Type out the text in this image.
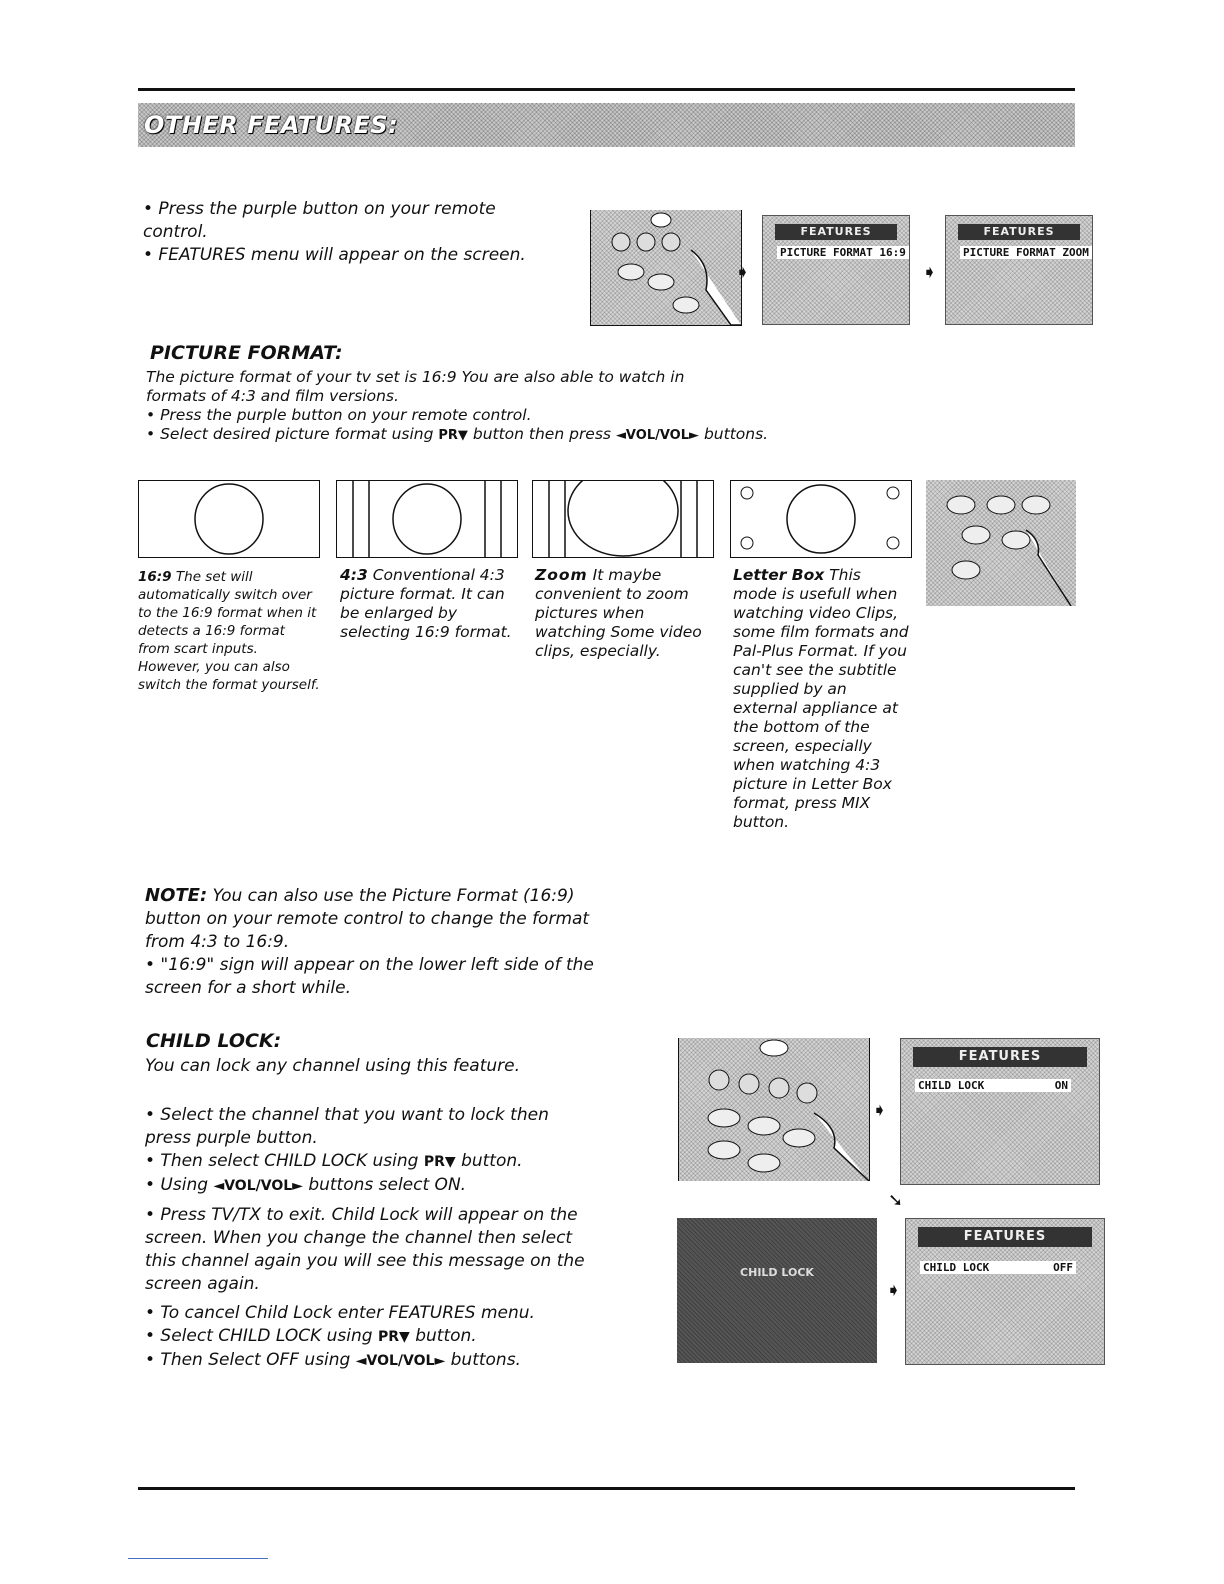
OTHER FEATURES:
• Press the purple button on your remote control.
• FEATURES menu will appear on the screen.
➧
FEATURES
PICTURE FORMAT 16:9
➧
FEATURES
PICTURE FORMAT ZOOM
PICTURE FORMAT:
The picture format of your tv set is 16:9 You are also able to watch in
formats of 4:3 and film versions.
• Press the purple button on your remote control.
• Select desired picture format using PR▼ button then press ◄VOL/VOL► buttons.
16:9 The set will automatically switch over to the 16:9 format when it detects a 16:9 format from scart inputs. However, you can also switch the format yourself.
4:3 Conventional 4:3 picture format. It can be enlarged by selecting 16:9 format.
Zoom It maybe convenient to zoom pictures when watching Some video clips, especially.
Letter Box This mode is usefull when watching video Clips, some film formats and Pal-Plus Format. If you can't see the subtitle supplied by an external appliance at the bottom of the screen, especially when watching 4:3 picture in Letter Box format, press MIX button.
NOTE: You can also use the Picture Format (16:9) button on your remote control to change the format from 4:3 to 16:9.
• "16:9" sign will appear on the lower left side of the screen for a short while.
CHILD LOCK:
You can lock any channel using this feature.
• Select the channel that you want to lock then press purple button.
• Then select CHILD LOCK using PR▼ button.
• Using ◄VOL/VOL► buttons select ON.
• Press TV/TX to exit. Child Lock will appear on the screen. When you change the channel then select this channel again you will see this message on the screen again.
• To cancel Child Lock enter FEATURES menu.
• Select CHILD LOCK using PR▼ button.
• Then Select OFF using ◄VOL/VOL► buttons.
➧
FEATURES
CHILD LOCK	ON
➘
CHILD LOCK
➧
FEATURES
CHILD LOCK	OFF
